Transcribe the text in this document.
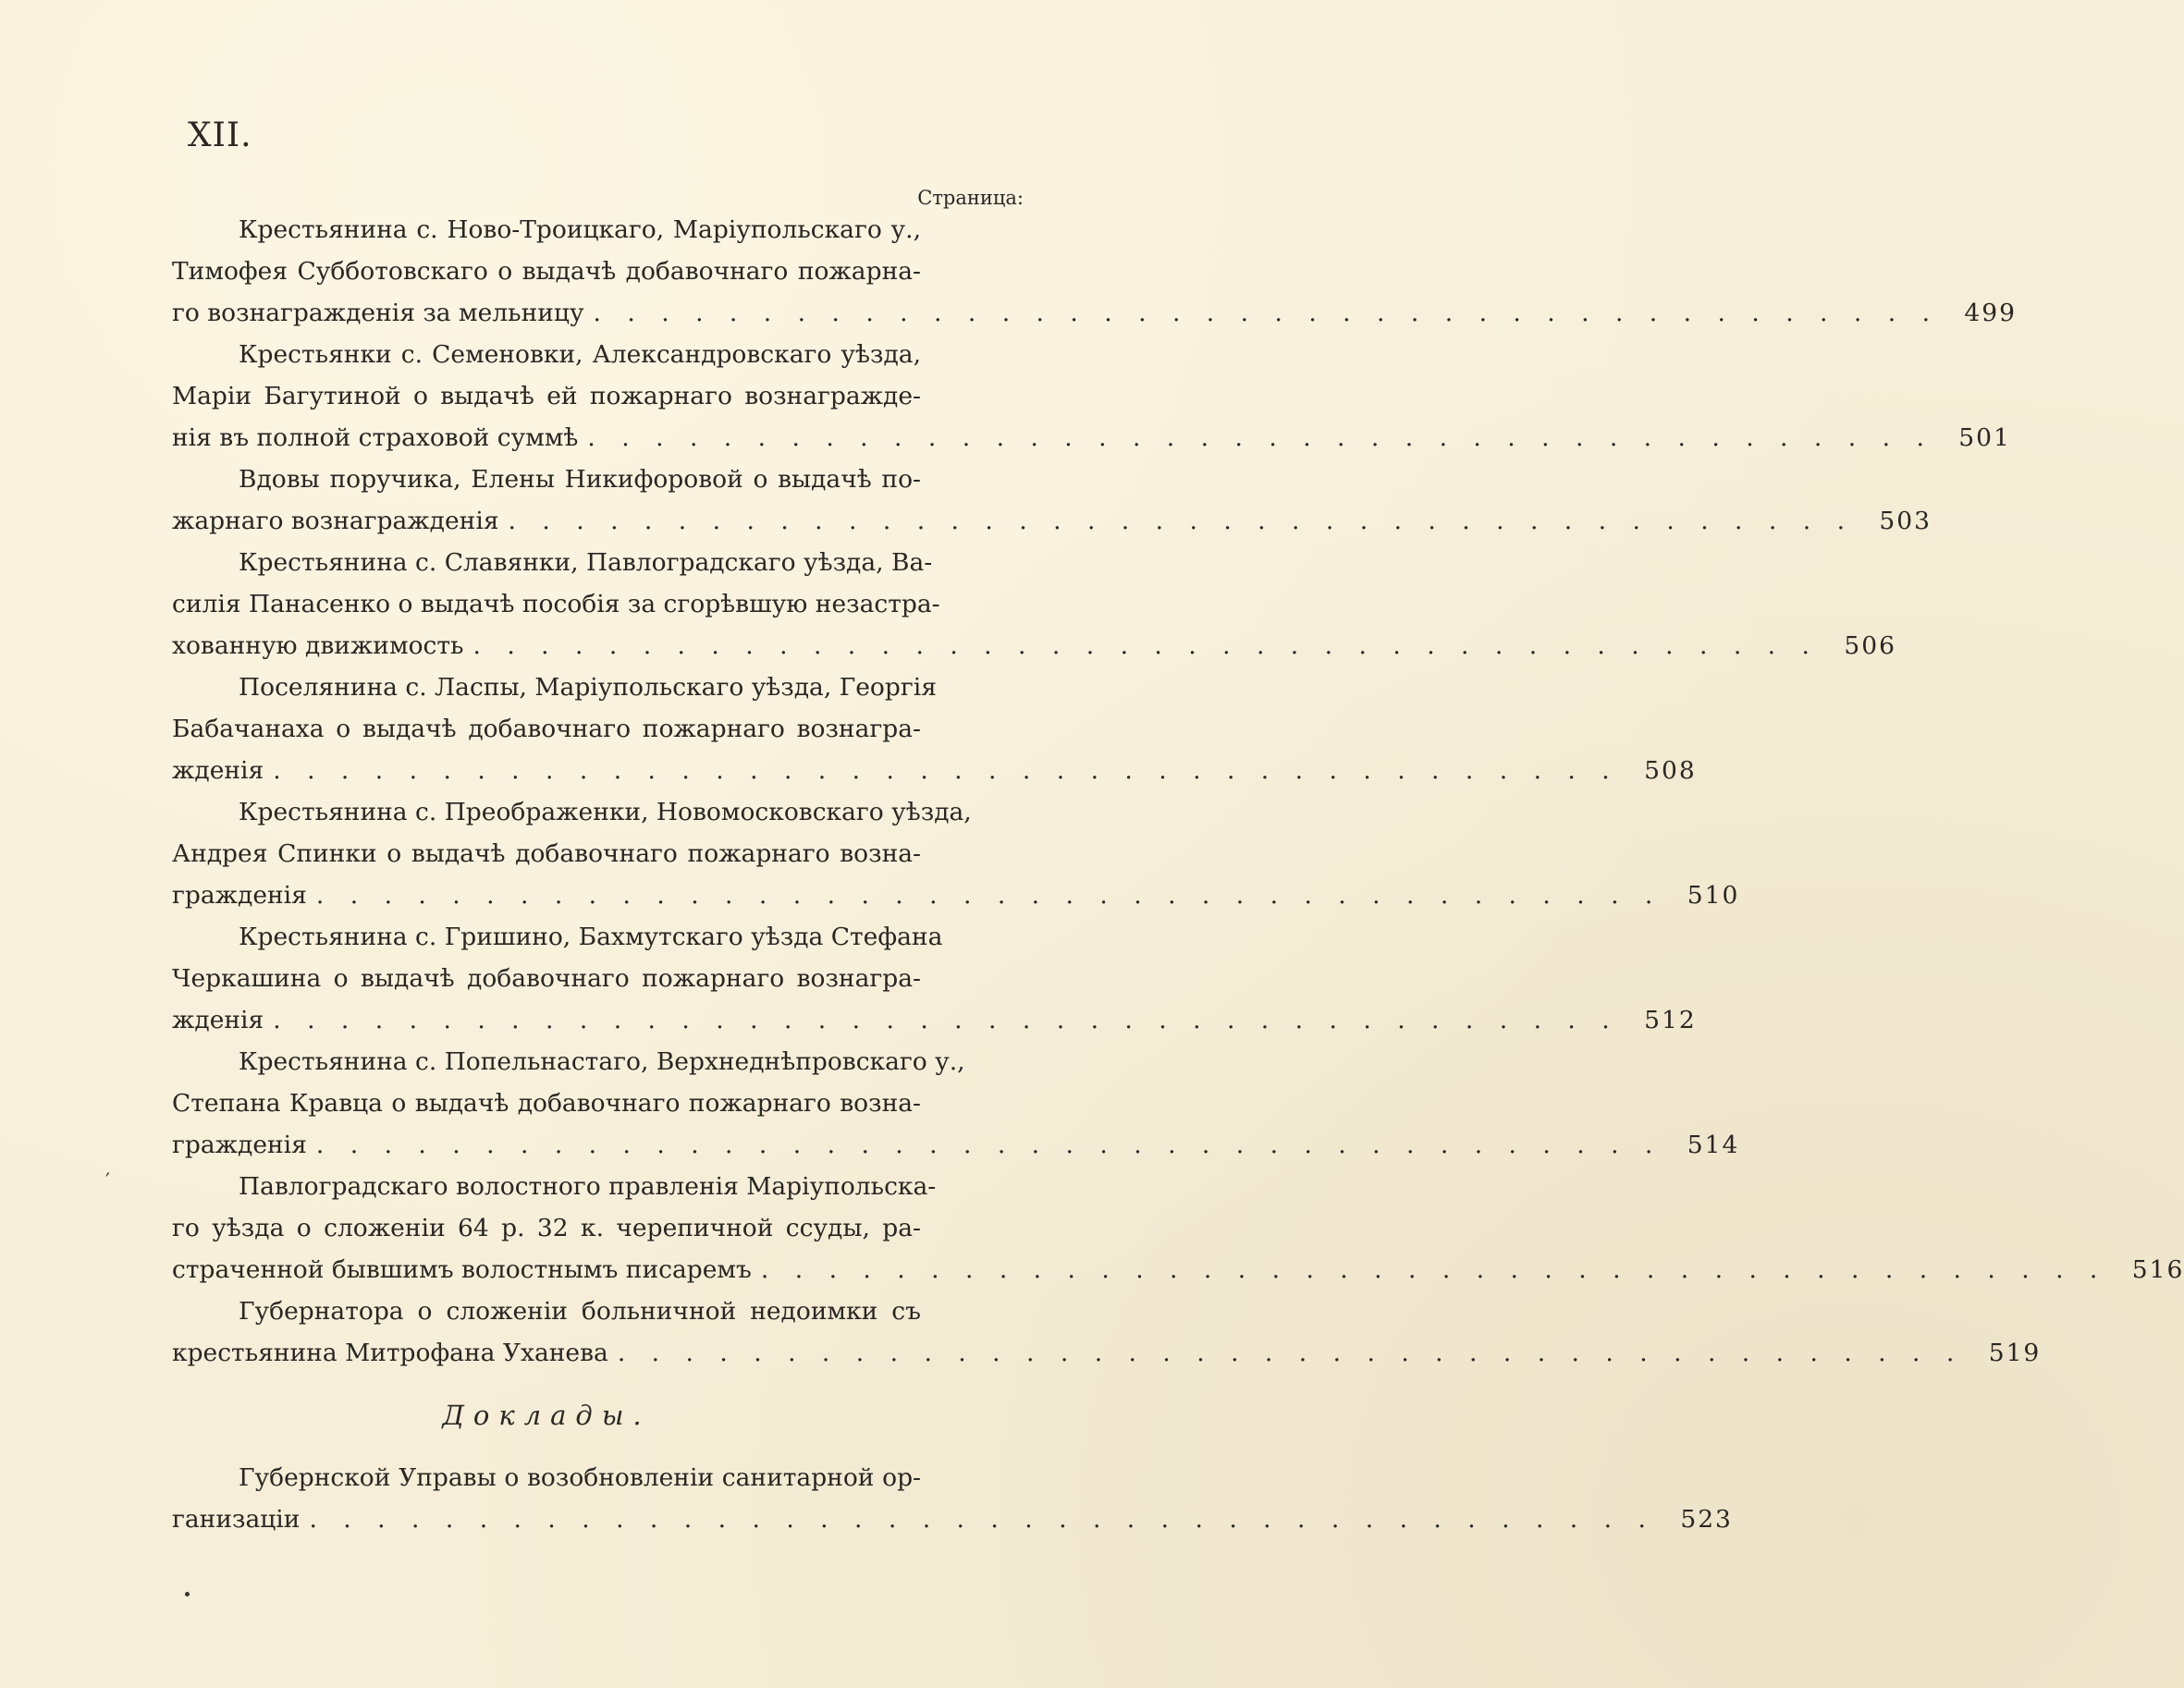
XII.
Страница:
Крестьянина с. Ново-Троицкаго, Маріупольскаго у.,
Тимофея Субботовскаго о выдачѣ добавочнаго пожарна-
го вознагражденія за мельницу . . . . . . . . . . . . . . . . . . . . . . . . . . . . . . . . . . . . . . . .	499
Крестьянки с. Семеновки, Александровскаго уѣзда,
Маріи Багутиной о выдачѣ ей пожарнаго вознагражде-
нія въ полной страховой суммѣ . . . . . . . . . . . . . . . . . . . . . . . . . . . . . . . . . . . . . . . .	501
Вдовы поручика, Елены Никифоровой о выдачѣ по-
жарнаго вознагражденія . . . . . . . . . . . . . . . . . . . . . . . . . . . . . . . . . . . . . . . .	503
Крестьянина с. Славянки, Павлоградскаго уѣзда, Ва-
силія Панасенко о выдачѣ пособія за сгорѣвшую незастра-
хованную движимость . . . . . . . . . . . . . . . . . . . . . . . . . . . . . . . . . . . . . . . .	506
Поселянина с. Ласпы, Маріупольскаго уѣзда, Георгія
Бабачанаха о выдачѣ добавочнаго пожарнаго вознагра-
жденія . . . . . . . . . . . . . . . . . . . . . . . . . . . . . . . . . . . . . . . .	508
Крестьянина с. Преображенки, Новомосковскаго уѣзда,
Андрея Спинки о выдачѣ добавочнаго пожарнаго возна-
гражденія . . . . . . . . . . . . . . . . . . . . . . . . . . . . . . . . . . . . . . . .	510
Крестьянина с. Гришино, Бахмутскаго уѣзда Стефана
Черкашина о выдачѣ добавочнаго пожарнаго вознагра-
жденія . . . . . . . . . . . . . . . . . . . . . . . . . . . . . . . . . . . . . . . .	512
Крестьянина с. Попельнастаго, Верхнеднѣпровскаго у.,
Степана Кравца о выдачѣ добавочнаго пожарнаго возна-
гражденія . . . . . . . . . . . . . . . . . . . . . . . . . . . . . . . . . . . . . . . .	514
Павлоградскаго волостного правленія Маріупольска-
го уѣзда о сложеніи 64 р. 32 к. черепичной ссуды, ра-
страченной бывшимъ волостнымъ писаремъ . . . . . . . . . . . . . . . . . . . . . . . . . . . . . . . . . . . . . . . .	516
Губернатора о сложеніи больничной недоимки съ
крестьянина Митрофана Уханева . . . . . . . . . . . . . . . . . . . . . . . . . . . . . . . . . . . . . . . .	519
Доклады.
Губернской Управы о возобновленіи санитарной ор-
ганизаціи . . . . . . . . . . . . . . . . . . . . . . . . . . . . . . . . . . . . . . . .	523
′
